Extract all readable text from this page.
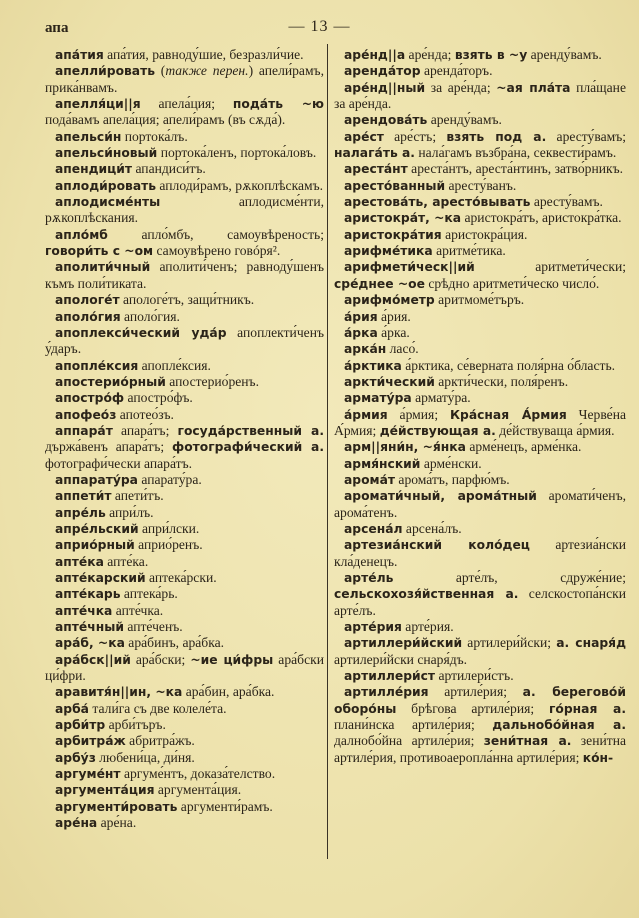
апа	— 13 —

апа́тия апа́тия, равноду́шие, безразли́чие.

апелли́ровать (также перен.) апели́рамъ, прика́нвамъ.

апелля́ци||я апела́ция; пода́ть ~ю пода́вамъ апела́ция; апели́рамъ (въ сѫда́).

апельси́н портока́лъ.

апельси́новый портока́ленъ, портока́ловъ.

апендици́т апандиси́тъ.

аплоди́ровать аплоди́рамъ, рѫкоплѣскамъ.

аплодисме́нты аплодисме́нти, рѫкоплѣскания.

апло́мб апло́мбъ, самоувѣреность; говори́ть с ~ом самоувѣрено говóря².

аполити́чный аполити́ченъ; равноду́шенъ къмъ поли́тиката.

апологе́т апологе́тъ, защи́тникъ.

аполо́гия аполо́гия.

апоплекси́ческий уда́р апоплекти́ченъ у́даръ.

апопле́ксия апопле́ксия.

апостерио́рный апостерио́ренъ.

апостро́ф апостро́фъ.

апофео́з апотео́зъ.

аппара́т апара́тъ; госуда́рственный а. държа́венъ апара́тъ; фотографи́ческий а. фотографи́чески апара́тъ.

аппарату́ра апарату́ра.

аппети́т апети́тъ.

апре́ль апри́лъ.

апре́льский апри́лски.

априо́рный априо́ренъ.

апте́ка апте́ка.

апте́карский аптека́рски.

апте́карь аптека́рь.

апте́чка апте́чка.

апте́чный апте́ченъ.

ара́б, ~ка ара́бинъ, ара́бка.

ара́бск||ий ара́бски; ~ие ци́фры ара́бски ци́фри.

аравитя́н||ин, ~ка ара́бин, ара́бка.

арба́ тали́га съ две колеле́та.

арби́тр арби́търъ.

арбитра́ж абритра́жъ.

арбу́з любени́ца, ди́ня.

аргуме́нт аргуме́нтъ, доказа́телство.

аргумента́ция аргумента́ция.

аргументи́ровать аргументи́рамъ.

аре́на аре́на.

аре́нд||а аре́нда; взять в ~у аренду́вамъ.

аренда́тор аренда́торъ.

аре́нд||ный за аре́нда; ~ая пла́та пла́щане за аре́нда.

арендова́ть аренду́вамъ.

аре́ст аре́стъ; взять под а. аресту́вамъ; налага́ть а. нала́гамъ възбра́на, секвести́рамъ.

ареста́нт ареста́нтъ, ареста́нтинъ, затво́рникъ.

аресто́ванный аресту́ванъ.

арестова́ть, аресто́вывать аресту́вамъ.

аристокра́т, ~ка аристокра́тъ, аристокра́тка.

аристокра́тия аристокра́ция.

арифме́тика аритме́тика.

арифмети́ческ||ий аритмети́чески; сре́днее ~ое срѣдно аритмети́ческо число́.

арифмо́метр аритмоме́търъ.

а́рия а́рия.

а́рка а́рка.

арка́н ласо́.

а́рктика а́рктика, се́верната поля́рна о́бласть.

аркти́ческий аркти́чески, поля́ренъ.

армату́ра армату́ра.

а́рмия а́рмия; Кра́сная А́рмия Черве́на А́рмия; де́йствующая а. де́йствуваща а́рмия.

арм||яни́н, ~я́нка арме́нецъ, арме́нка.

армя́нский арме́нски.

арома́т арома́тъ, парфю́мъ.

аромати́чный, арома́тный аромати́ченъ, арома́тенъ.

арсена́л арсена́лъ.

артезиа́нский коло́дец артезиа́нски кла́денецъ.

арте́ль арте́лъ, сдруже́ние; сельскохозя́йственная а. селскостопа́нски арте́лъ.

арте́рия арте́рия.

артиллери́йский артилери́йски; а. снаря́д артилери́йски снаря́дъ.

артиллери́ст артилери́стъ.

артилле́рия артиле́рия; а. берегово́й оборо́ны брѣгова артиле́рия; го́рная а. плани́нска артиле́рия; дальнобо́йная а. далнобо́йна артиле́рия; зени́тная а. зени́тна артиле́рия, противоаеропла́нна артиле́рия; ко́н-
